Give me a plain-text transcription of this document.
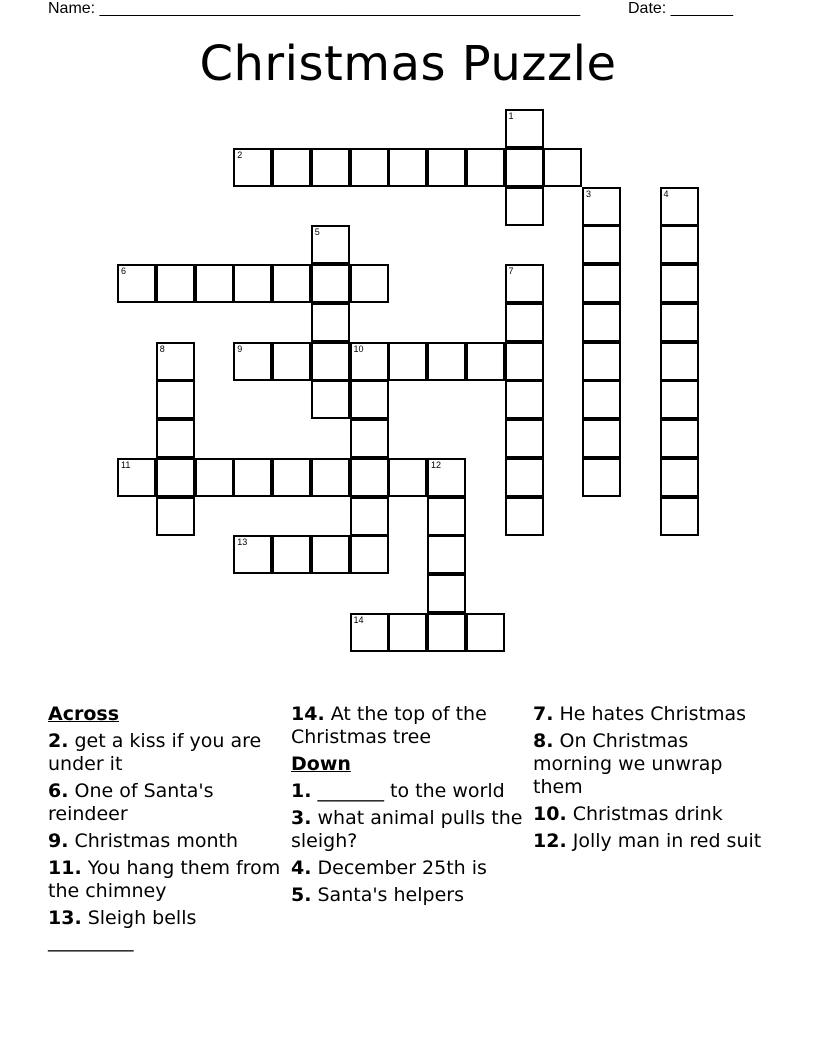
Name: ______________________________________________________	Date: _______
Christmas Puzzle
1
2
3	4
5
6	7
8	9	10
11	12
13
14
Across
2. get a kiss if you are under it
6. One of Santa's reindeer
9. Christmas month
11. You hang them from the chimney
13. Sleigh bells _________
14. At the top of the Christmas tree
Down
1. _______ to the world
3. what animal pulls the sleigh?
4. December 25th is
5. Santa's helpers
7. He hates Christmas
8. On Christmas morning we unwrap them
10. Christmas drink
12. Jolly man in red suit
